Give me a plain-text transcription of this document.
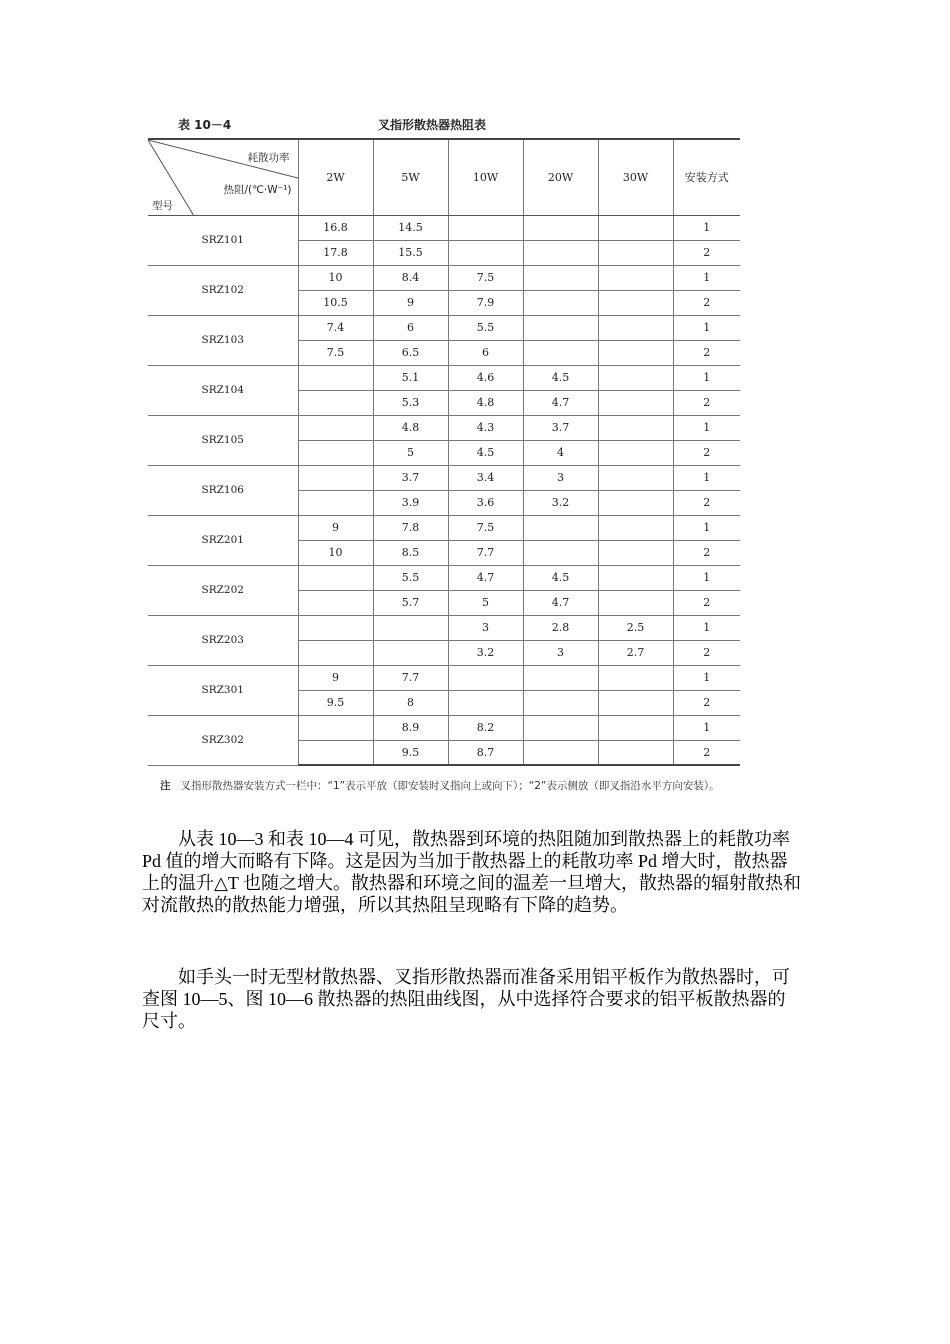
表 10－4	叉指形散热器热阻表
耗散功率
热阻/(℃·W⁻¹)
型号	2W	5W	10W	20W	30W	安装方式
SRZ101	16.8	14.5				1
	17.8	15.5				2
SRZ102	10	8.4	7.5			1
	10.5	9	7.9			2
SRZ103	7.4	6	5.5			1
	7.5	6.5	6			2
SRZ104		5.1	4.6	4.5		1
		5.3	4.8	4.7		2
SRZ105		4.8	4.3	3.7		1
		5	4.5	4		2
SRZ106		3.7	3.4	3		1
		3.9	3.6	3.2		2
SRZ201	9	7.8	7.5			1
	10	8.5	7.7			2
SRZ202		5.5	4.7	4.5		1
		5.7	5	4.7		2
SRZ203			3	2.8	2.5	1
			3.2	3	2.7	2
SRZ301	9	7.7				1
	9.5	8				2
SRZ302		8.9	8.2			1
		9.5	8.7			2
注 叉指形散热器安装方式一栏中：“1”表示平放（即安装时叉指向上或向下）；“2”表示侧放（即叉指沿水平方向安装）。

从表 10—3 和表 10—4 可见，散热器到环境的热阻随加到散热器上的耗散功率 Pd 值的增大而略有下降。这是因为当加于散热器上的耗散功率 Pd 增大时，散热器上的温升△T 也随之增大。散热器和环境之间的温差一旦增大，散热器的辐射散热和对流散热的散热能力增强，所以其热阻呈现略有下降的趋势。

如手头一时无型材散热器、叉指形散热器而准备采用铝平板作为散热器时，可查图 10—5、图 10—6 散热器的热阻曲线图，从中选择符合要求的铝平板散热器的尺寸。
